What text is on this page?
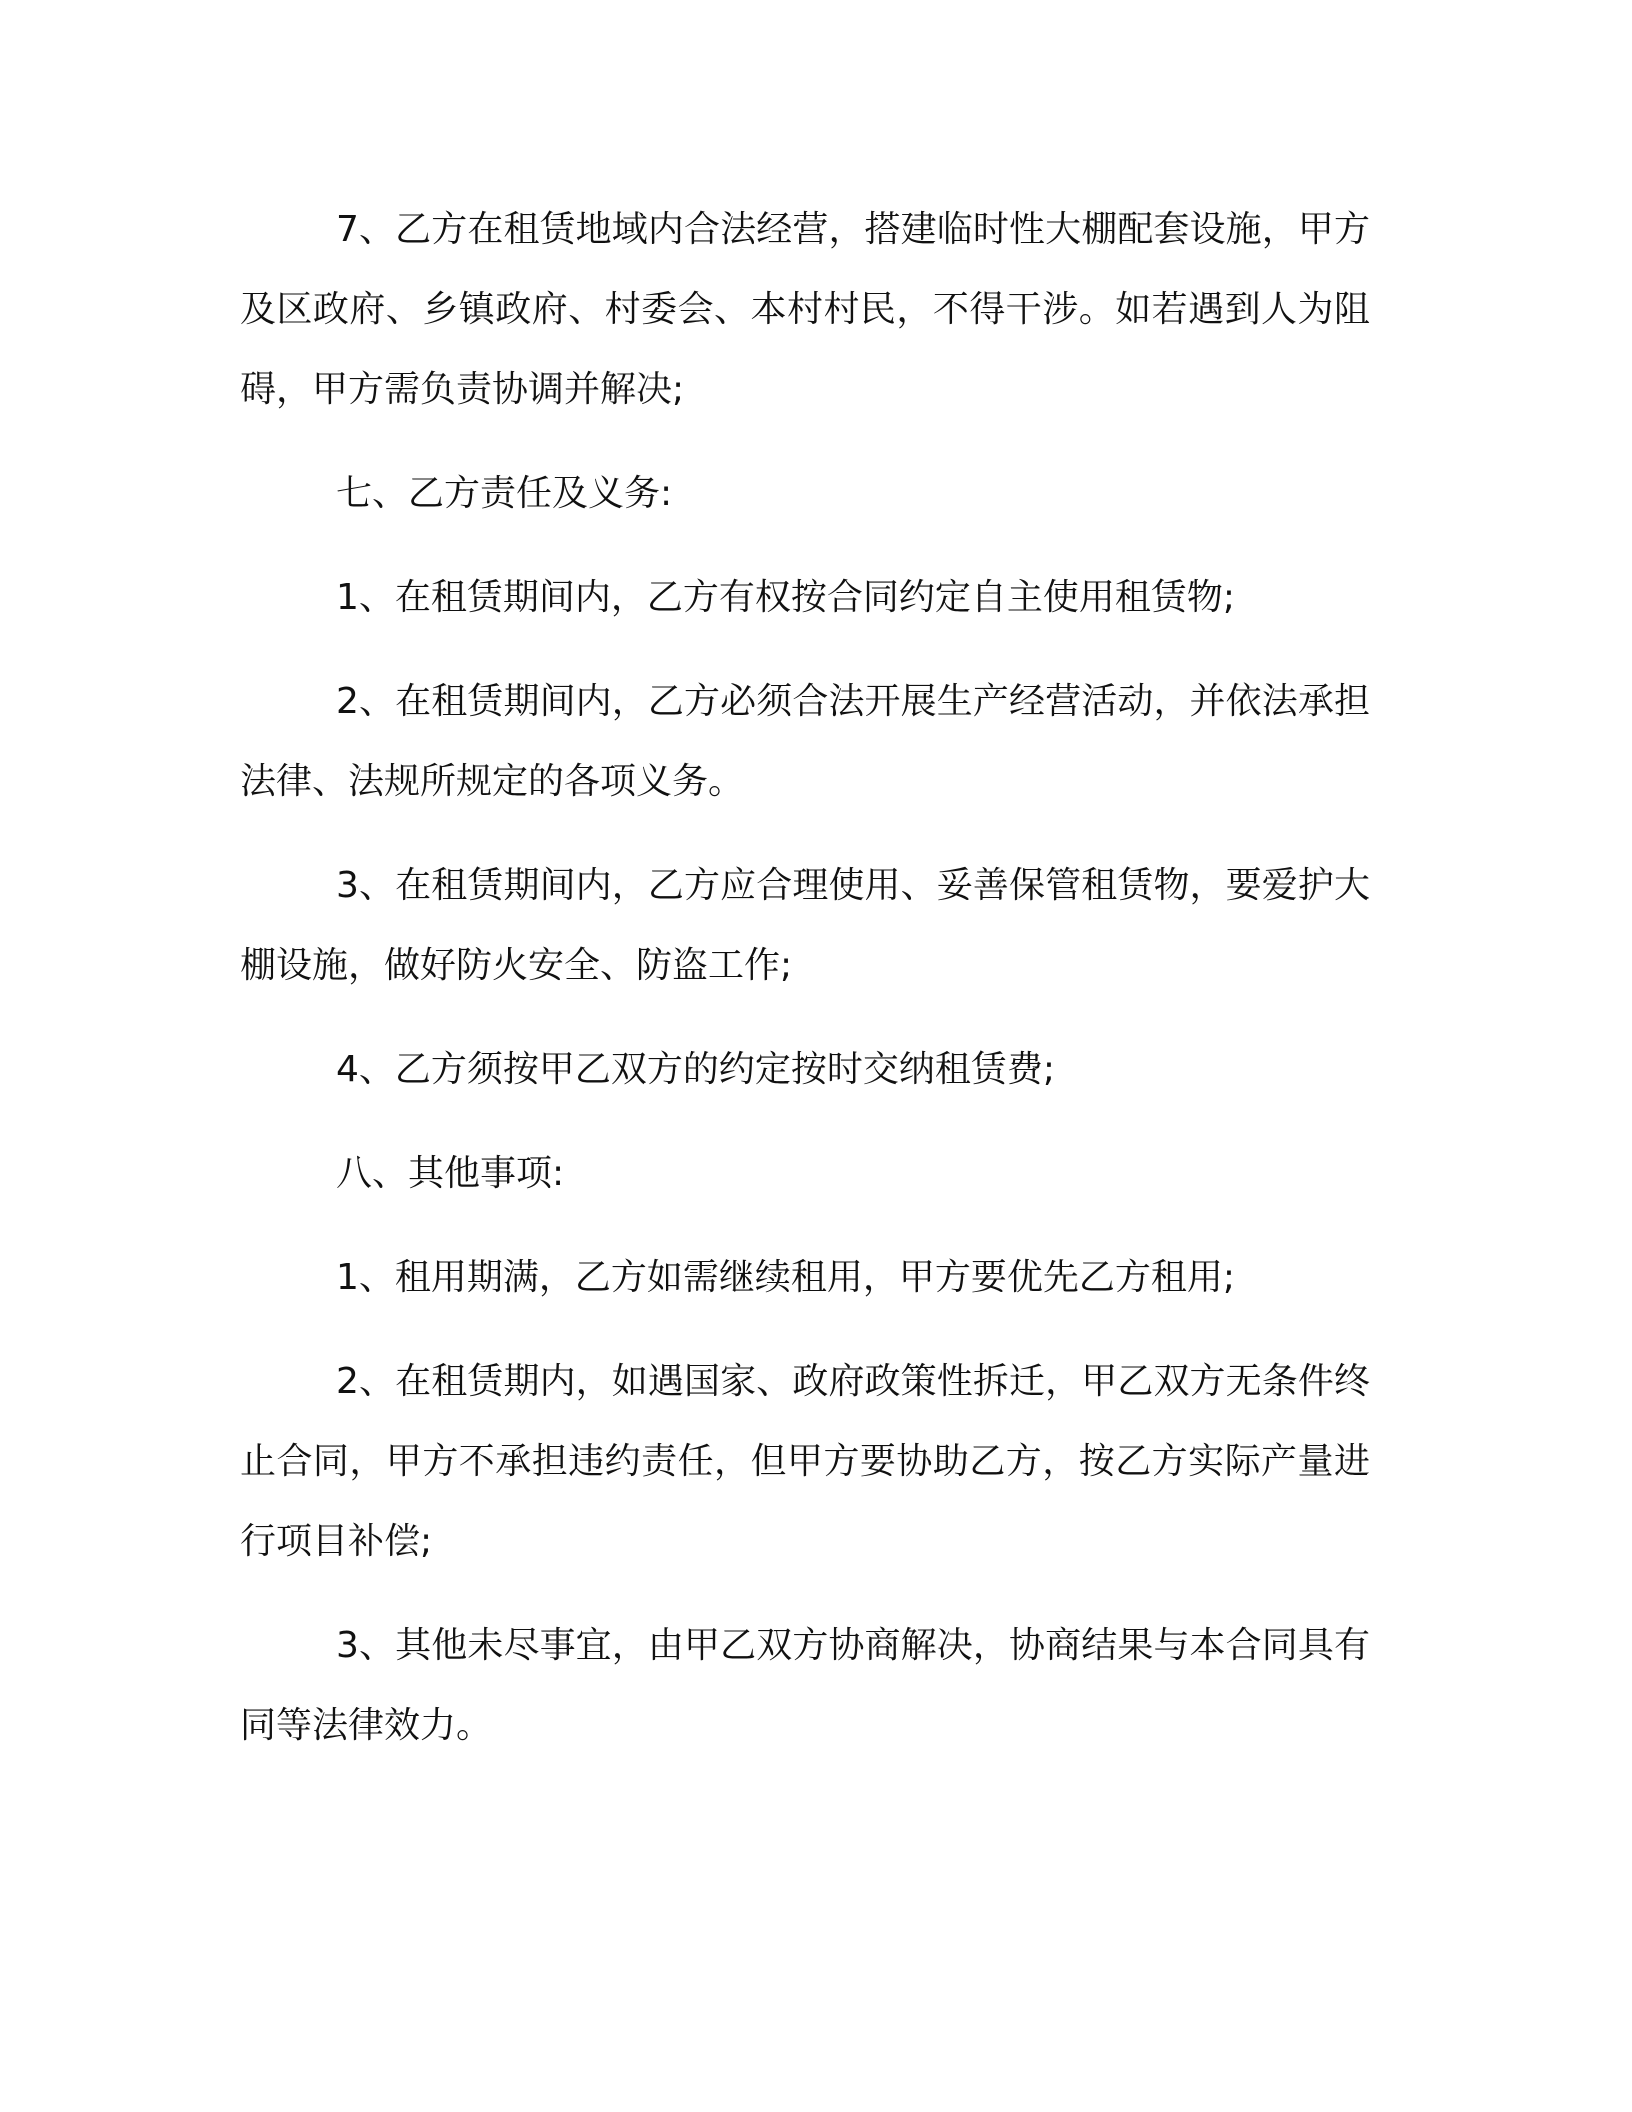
7、乙方在租赁地域内合法经营，搭建临时性大棚配套设施，甲方及区政府、乡镇政府、村委会、本村村民，不得干涉。如若遇到人为阻碍，甲方需负责协调并解决;

七、乙方责任及义务:

1、在租赁期间内，乙方有权按合同约定自主使用租赁物;

2、在租赁期间内，乙方必须合法开展生产经营活动，并依法承担法律、法规所规定的各项义务。

3、在租赁期间内，乙方应合理使用、妥善保管租赁物，要爱护大棚设施，做好防火安全、防盗工作;

4、乙方须按甲乙双方的约定按时交纳租赁费;

八、其他事项:

1、租用期满，乙方如需继续租用，甲方要优先乙方租用;

2、在租赁期内，如遇国家、政府政策性拆迁，甲乙双方无条件终止合同，甲方不承担违约责任，但甲方要协助乙方，按乙方实际产量进行项目补偿;

3、其他未尽事宜，由甲乙双方协商解决，协商结果与本合同具有同等法律效力。
